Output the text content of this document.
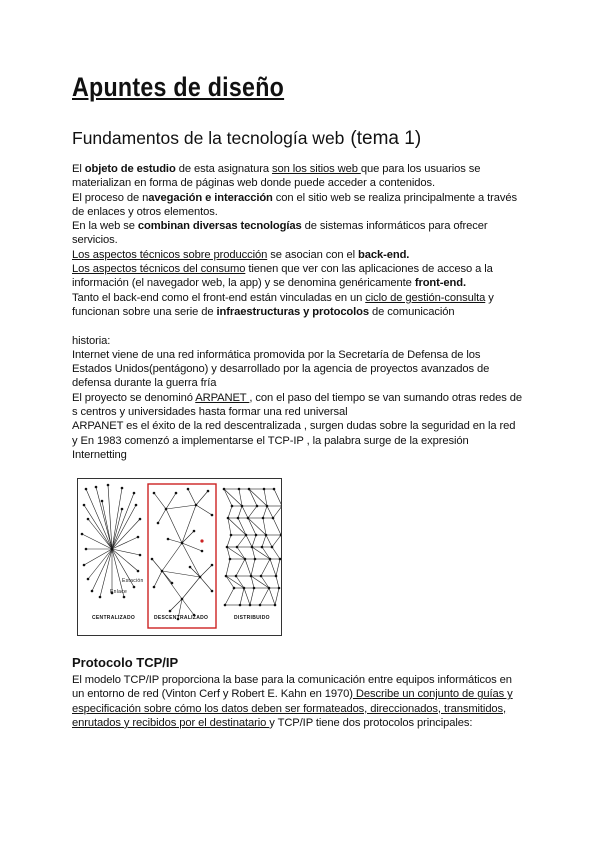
Apuntes de diseño
Fundamentos de la tecnología web (tema 1)

El objeto de estudio de esta asignatura son los sitios web que para los usuarios se materializan en forma de páginas web donde puede acceder a contenidos.

El proceso de navegación e interacción con el sitio web se realiza principalmente a través de enlaces y otros elementos.

En la web se combinan diversas tecnologías de sistemas informáticos para ofrecer servicios.

Los aspectos técnicos sobre producción se asocian con el back-end.

Los aspectos técnicos del consumo tienen que ver con las aplicaciones de acceso a la información (el navegador web, la app) y se denomina genéricamente front-end.

Tanto el back-end como el front-end están vinculadas en un ciclo de gestión-consulta y funcionan sobre una serie de infraestructuras y protocolos de comunicación

historia:

Internet viene de una red informática promovida por la Secretaría de Defensa de los Estados Unidos(pentágono) y desarrollado por la agencia de proyectos avanzados de defensa durante la guerra fría

El proyecto se denominó ARPANET , con el paso del tiempo se van sumando otras redes de s centros y universidades hasta formar una red universal

ARPANET es el éxito de la red descentralizada , surgen dudas sobre la seguridad en la red y En 1983 comenzó a implementarse el TCP-IP , la palabra surge de la expresión Internetting

CENTRALIZADO	DESCENTRALIZADO	DISTRIBUIDO
Estación
Enlace
Protocolo TCP/IP

El modelo TCP/IP proporciona la base para la comunicación entre equipos informáticos en un entorno de red (Vinton Cerf y Robert E. Kahn en 1970) Describe un conjunto de guías y especificación sobre cómo los datos deben ser formateados, direccionados, transmitidos, enrutados y recibidos por el destinatario y TCP/IP tiene dos protocolos principales:
